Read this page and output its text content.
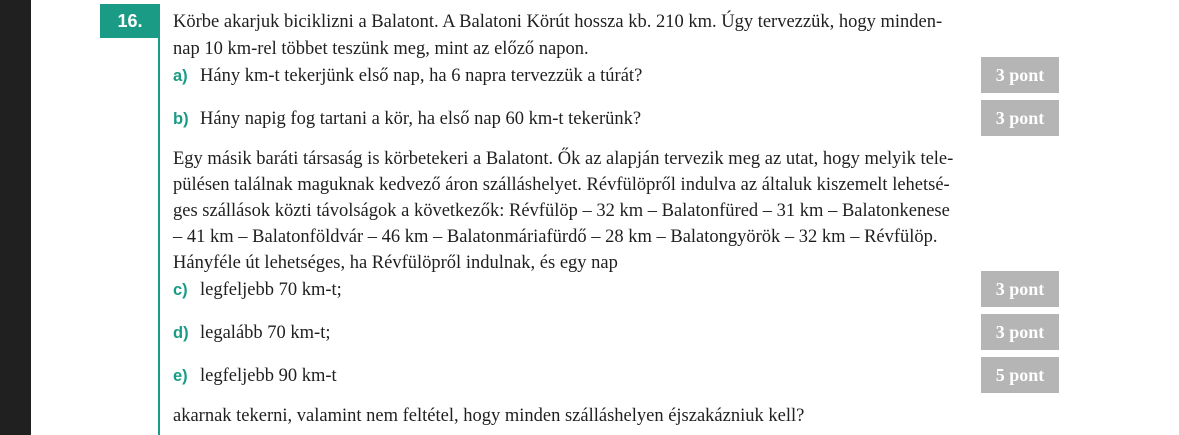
16.	Körbe akarjuk biciklizni a Balatont. A Balatoni Körút hossza kb. 210 km. Úgy tervezzük, hogy minden-
nap 10 km-rel többet teszünk meg, mint az előző napon.
a) Hány km-t tekerjünk első nap, ha 6 napra tervezzük a túrát?	3 pont
b) Hány napig fog tartani a kör, ha első nap 60 km-t tekerünk?	3 pont
Egy másik baráti társaság is körbetekeri a Balatont. Ők az alapján tervezik meg az utat, hogy melyik tele-
pülésen találnak maguknak kedvező áron szálláshelyet. Révfülöpről indulva az általuk kiszemelt lehetsé-
ges szállások közti távolságok a következők: Révfülöp – 32 km – Balatonfüred – 31 km – Balatonkenese
– 41 km – Balatonföldvár – 46 km – Balatonmáriafürdő – 28 km – Balatongyörök – 32 km – Révfülöp.
Hányféle út lehetséges, ha Révfülöpről indulnak, és egy nap
c) legfeljebb 70 km-t;	3 pont
d) legalább 70 km-t;	3 pont
e) legfeljebb 90 km-t	5 pont
akarnak tekerni, valamint nem feltétel, hogy minden szálláshelyen éjszakázniuk kell?
